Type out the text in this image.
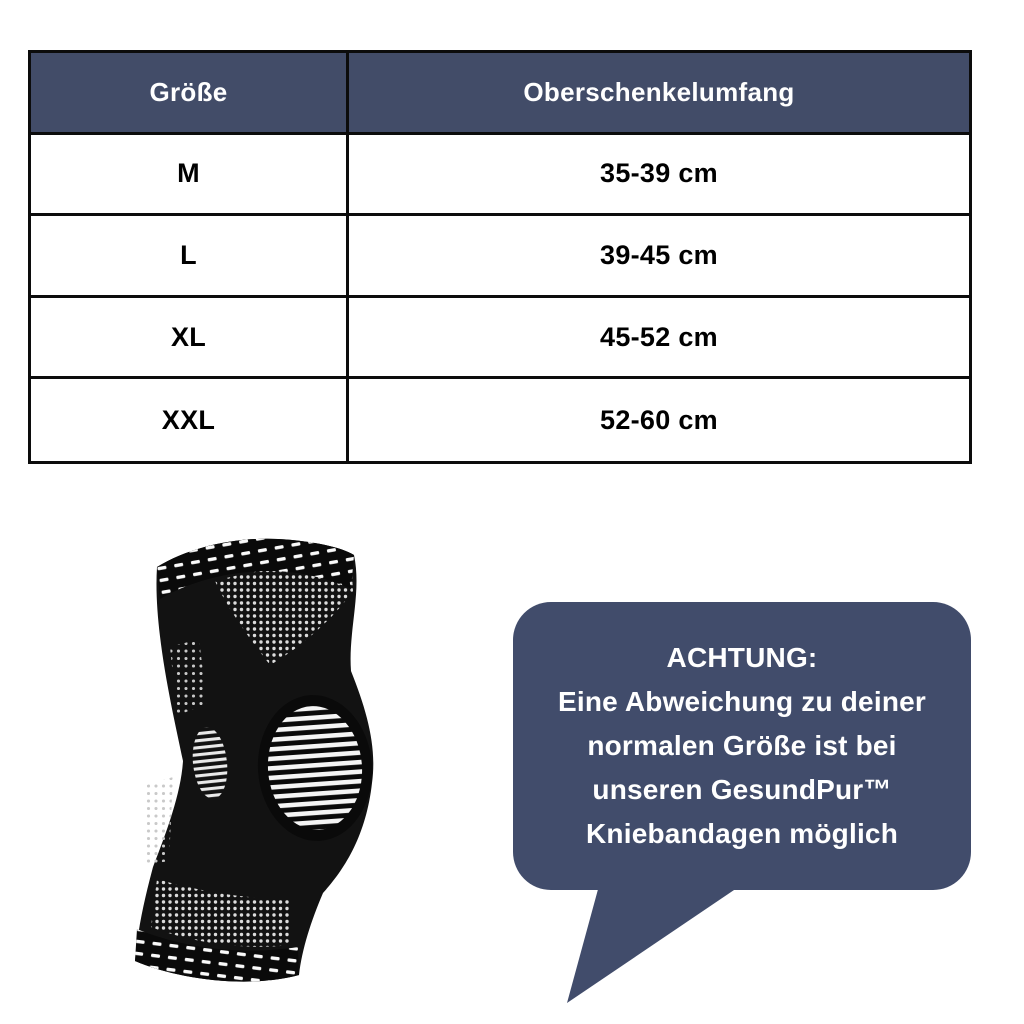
Größe	Oberschenkelumfang
M	35-39 cm
L	39-45 cm
XL	45-52 cm
XXL	52-60 cm
ACHTUNG:
Eine Abweichung zu deiner
normalen Größe ist bei
unseren GesundPur™
Kniebandagen möglich
